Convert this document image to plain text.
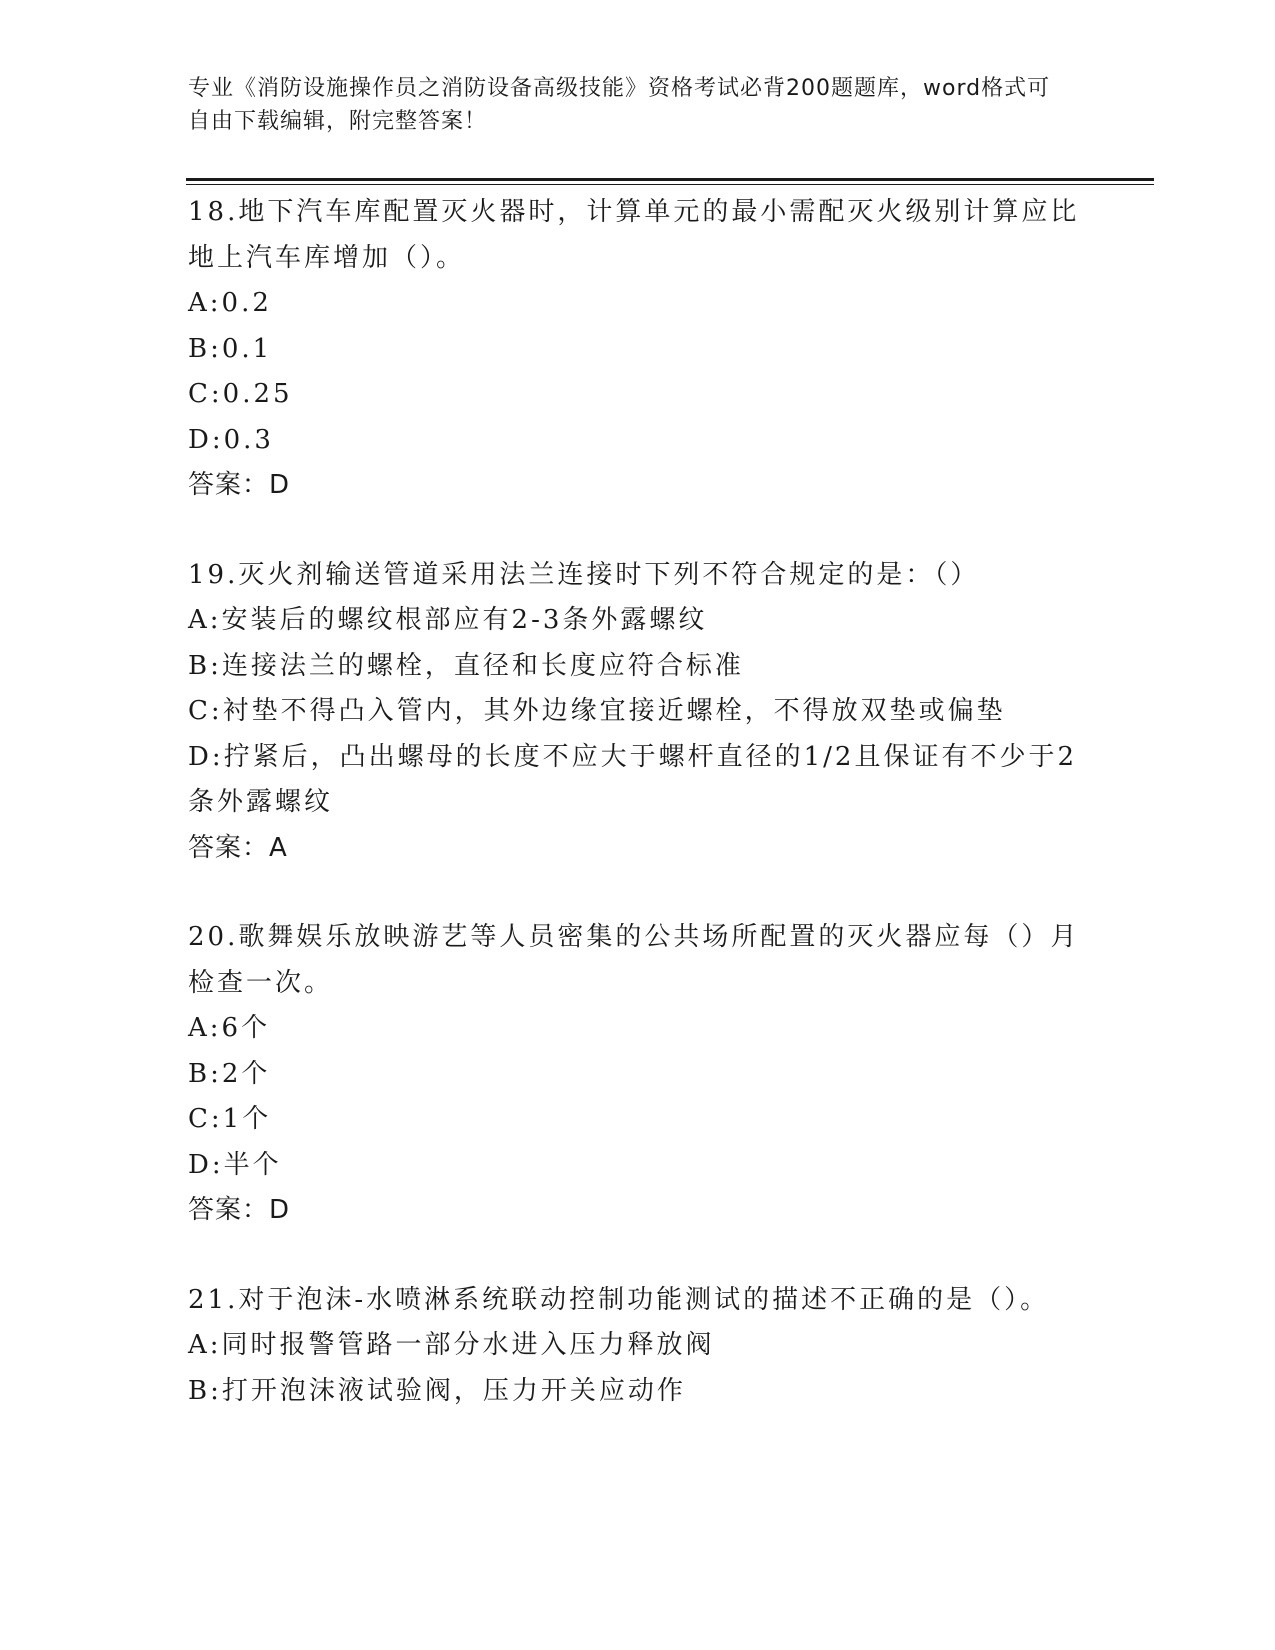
专业《消防设施操作员之消防设备高级技能》资格考试必背200题题库，word格式可自由下载编辑，附完整答案！

18.地下汽车库配置灭火器时，计算单元的最小需配灭火级别计算应比地上汽车库增加（）。

A:0.2

B:0.1

C:0.25

D:0.3

答案：D

19.灭火剂输送管道采用法兰连接时下列不符合规定的是：（）

A:安装后的螺纹根部应有2-3条外露螺纹

B:连接法兰的螺栓，直径和长度应符合标准

C:衬垫不得凸入管内，其外边缘宜接近螺栓，不得放双垫或偏垫

D:拧紧后，凸出螺母的长度不应大于螺杆直径的1/2且保证有不少于2条外露螺纹

答案：A

20.歌舞娱乐放映游艺等人员密集的公共场所配置的灭火器应每（）月检查一次。

A:6个

B:2个

C:1个

D:半个

答案：D

21.对于泡沫-水喷淋系统联动控制功能测试的描述不正确的是（）。

A:同时报警管路一部分水进入压力释放阀

B:打开泡沫液试验阀，压力开关应动作
